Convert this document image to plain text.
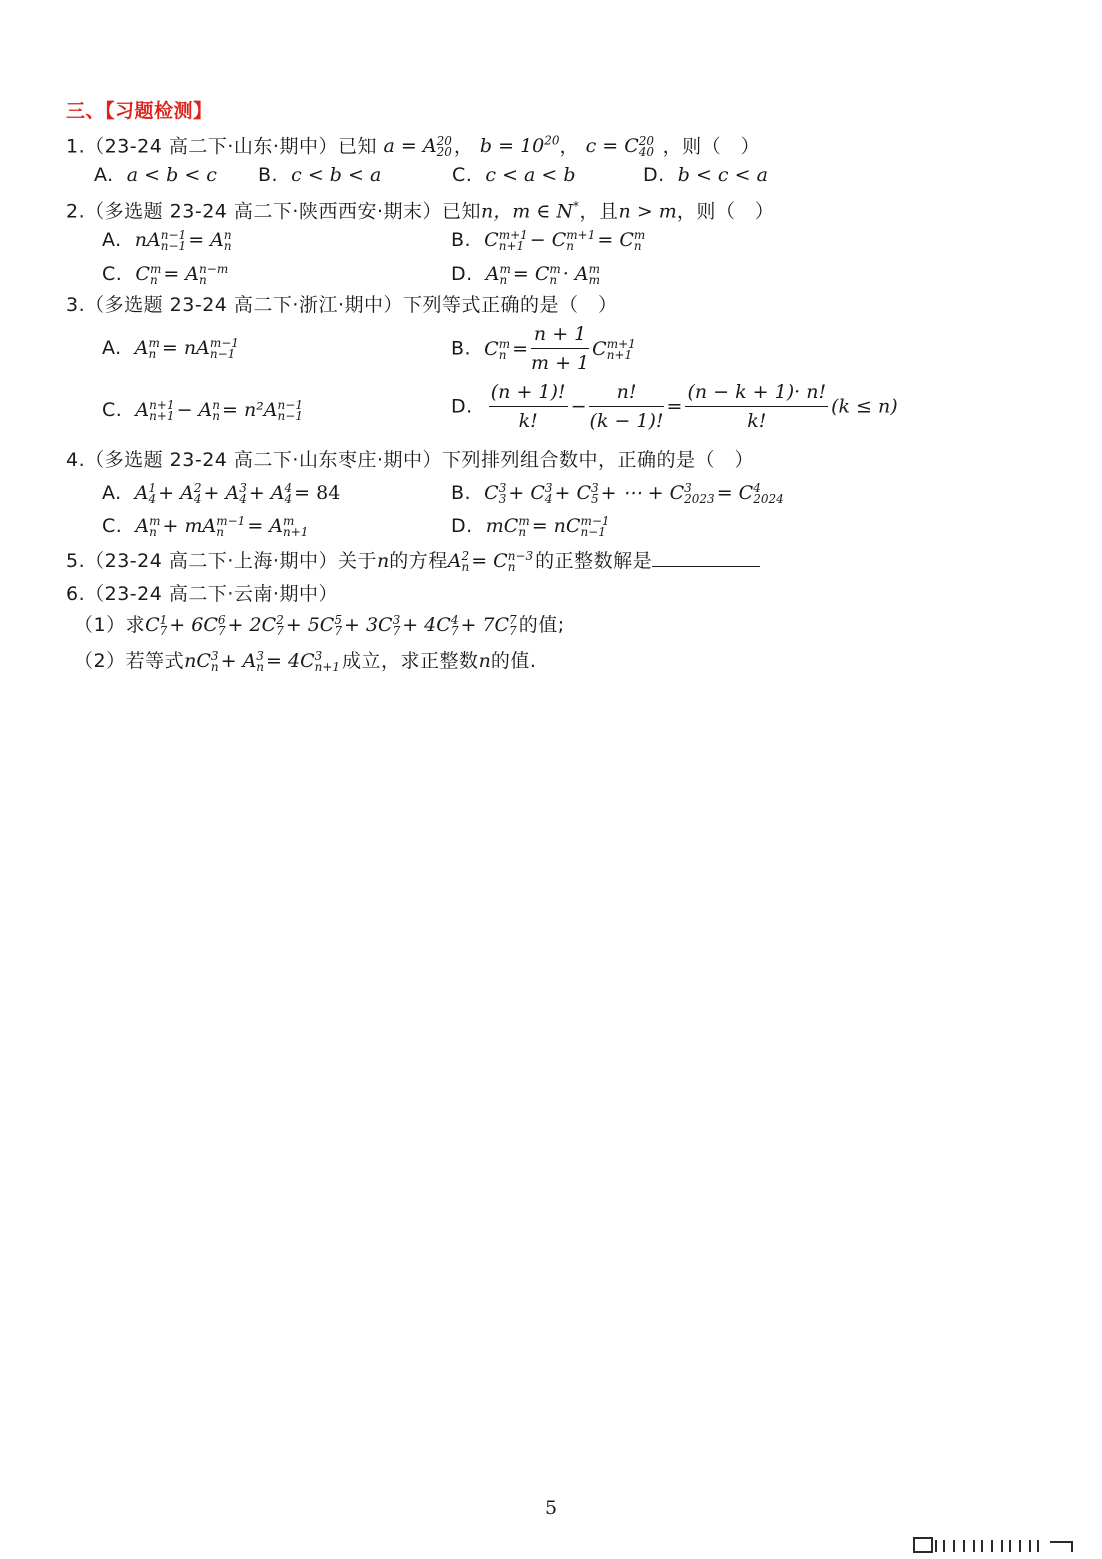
三、【习题检测】
1.（23-24 高二下·山东·期中）已知 a = A 20
20 ， $b = 10^{20}$， c = C 20
40 ，则（　）
A. a < b < c B. c < b < a	C. c < a < b	D. b < c < a
2.（多选题 23-24 高二下·陕西西安·期末）已知n，m ∈ N*，且n > m，则（　）
A. nA n−1
n−1 = A n
n	B. C m+1
n+1 − C m+1
n	= C m
n
C. C m
n = A n−m
n	D. A m
n = C m
n · A m
m
3.（多选题 23-24 高二下·浙江·期中）下列等式正确的是（　）
A. A m
n = nA m−1
n−1	B. C m
$n = \frac{n + 1}{m + 1}$ C m+1
n+1
C. A n+1
n+1 − A n
n = n²A n−1
n−1	D. $\frac{(n + 1)!}{k!} - \frac{n!}{(k - 1)!} = \frac{(n - k + 1)\cdot n!}{k!} (k \le n)$
4.（多选题 23-24 高二下·山东枣庄·期中）下列排列组合数中，正确的是（　）
A. A 1
4 + A 2
4 + A 3
4 + A 4
4 = 84	B. C 3
3 + C 3
4 + C 3
5 + ⋯ + C 3
2023 = C 4
2024
C. A m
n + mA m−1
n	= A m
n+1	D. mC m
n = nC m−1
n−1
5.（23-24 高二下·上海·期中）关于n的方程A 2
n = C n−3
n	的正整数解是
6.（23-24 高二下·云南·期中）
（1）求C 1
7 + 6C 6
7 + 2C 2
7 + 5C 5
7 + 3C 3
7 + 4C 4
7 + 7C 7
7 的值;
（2）若等式nC 3
n + A 3
n = 4C 3
n+1 成立，求正整数n的值.
5
